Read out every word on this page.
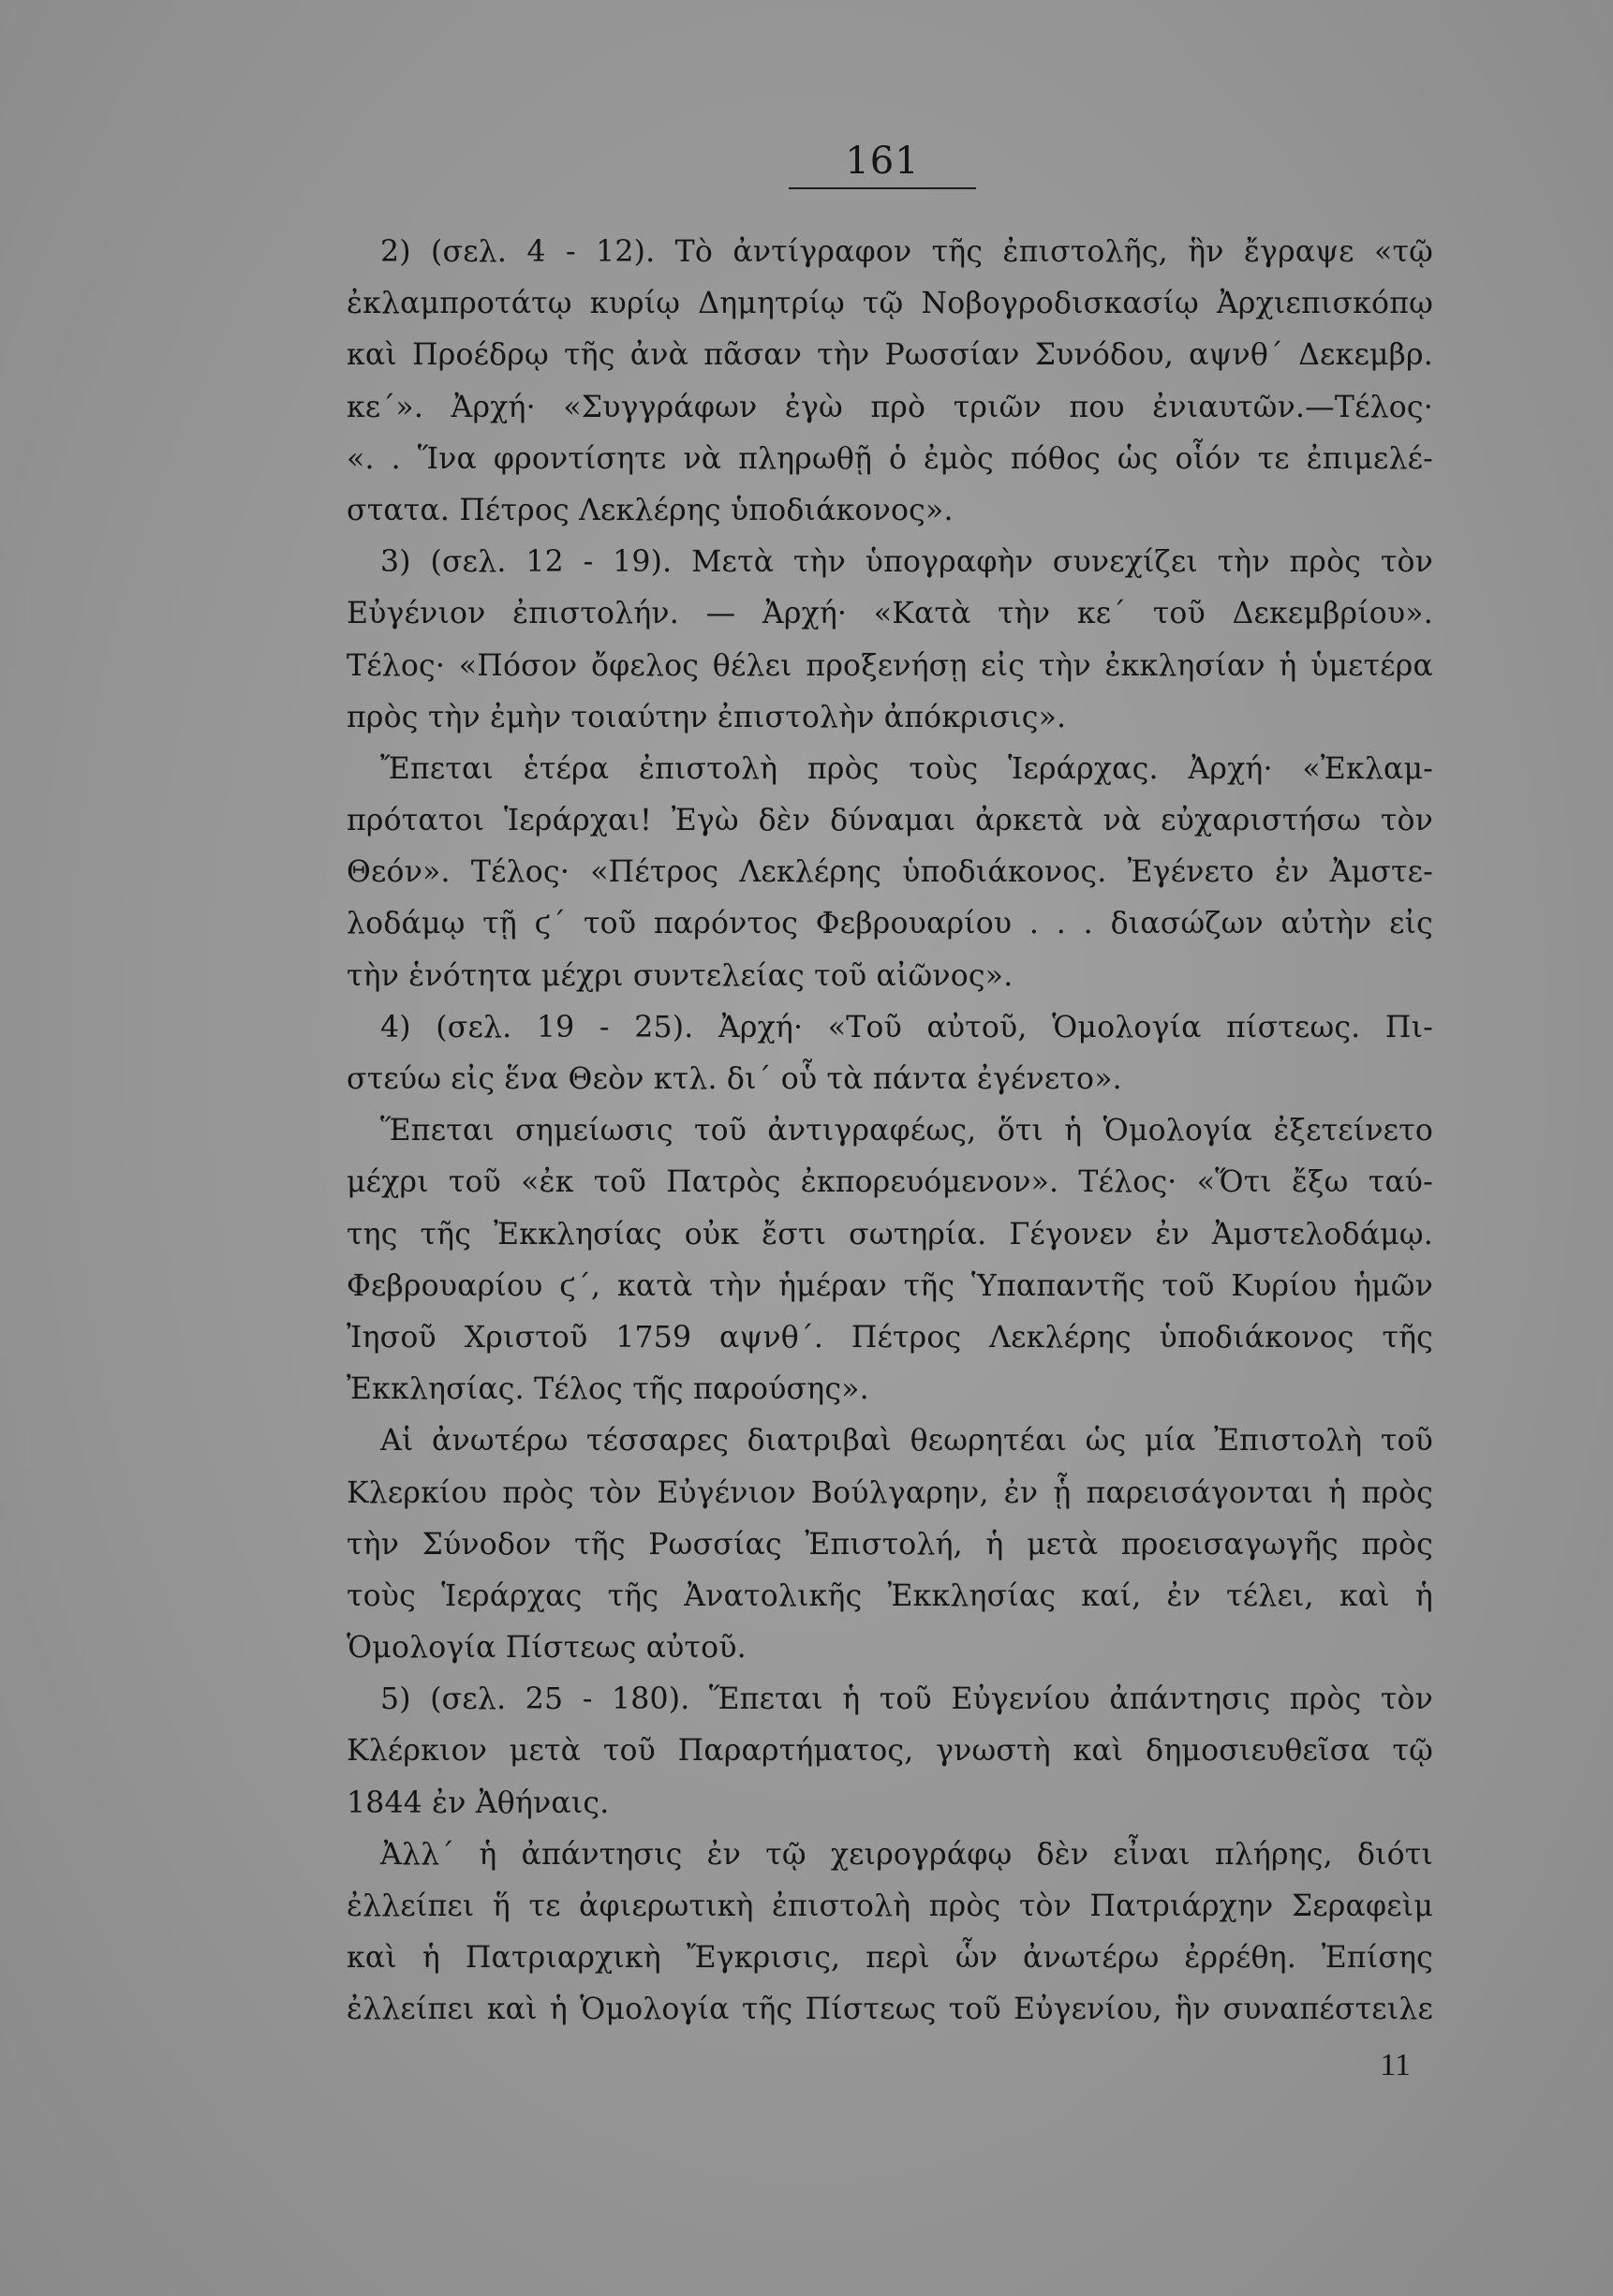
161
2) (σελ. 4 - 12). Τὸ ἀντίγραφον τῆς ἐπιστολῆς, ἣν ἔγραψε «τῷ
ἐκλαμπροτάτῳ κυρίῳ Δημητρίῳ τῷ Νοβογροδισκασίῳ Ἀρχιεπισκόπῳ
καὶ Προέδρῳ τῆς ἀνὰ πᾶσαν τὴν Ρωσσίαν Συνόδου, αψνθ΄ Δεκεμβρ.
κε΄». Ἀρχή· «Συγγράφων ἐγὼ πρὸ τριῶν που ἐνιαυτῶν.—Τέλος·
«. . Ἵνα φροντίσητε νὰ πληρωθῇ ὁ ἐμὸς πόθος ὡς οἷόν τε ἐπιμελέ-
στατα. Πέτρος Λεκλέρης ὑποδιάκονος».
3) (σελ. 12 - 19). Μετὰ τὴν ὑπογραφὴν συνεχίζει τὴν πρὸς τὸν
Εὐγένιον ἐπιστολήν. — Ἀρχή· «Κατὰ τὴν κε΄ τοῦ Δεκεμβρίου».
Τέλος· «Πόσον ὄφελος θέλει προξενήσῃ εἰς τὴν ἐκκλησίαν ἡ ὑμετέρα
πρὸς τὴν ἐμὴν τοιαύτην ἐπιστολὴν ἀπόκρισις».
Ἔπεται ἑτέρα ἐπιστολὴ πρὸς τοὺς Ἱεράρχας. Ἀρχή· «Ἐκλαμ-
πρότατοι Ἱεράρχαι! Ἐγὼ δὲν δύναμαι ἀρκετὰ νὰ εὐχαριστήσω τὸν
Θεόν». Τέλος· «Πέτρος Λεκλέρης ὑποδιάκονος. Ἐγένετο ἐν Ἀμστε-
λοδάμῳ τῇ ϛ΄ τοῦ παρόντος Φεβρουαρίου . . . διασώζων αὐτὴν εἰς
τὴν ἑνότητα μέχρι συντελείας τοῦ αἰῶνος».
4) (σελ. 19 - 25). Ἀρχή· «Τοῦ αὐτοῦ, Ὁμολογία πίστεως. Πι-
στεύω εἰς ἕνα Θεὸν κτλ. δι΄ οὗ τὰ πάντα ἐγένετο».
Ἕπεται σημείωσις τοῦ ἀντιγραφέως, ὅτι ἡ Ὁμολογία ἐξετείνετο
μέχρι τοῦ «ἐκ τοῦ Πατρὸς ἐκπορευόμενον». Τέλος· «Ὅτι ἔξω ταύ-
της τῆς Ἐκκλησίας οὐκ ἔστι σωτηρία. Γέγονεν ἐν Ἀμστελοδάμῳ.
Φεβρουαρίου ϛ΄, κατὰ τὴν ἡμέραν τῆς Ὑπαπαντῆς τοῦ Κυρίου ἡμῶν
Ἰησοῦ Χριστοῦ 1759 αψνθ΄. Πέτρος Λεκλέρης ὑποδιάκονος τῆς
Ἐκκλησίας. Τέλος τῆς παρούσης».
Αἱ ἀνωτέρω τέσσαρες διατριβαὶ θεωρητέαι ὡς μία Ἐπιστολὴ τοῦ
Κλερκίου πρὸς τὸν Εὐγένιον Βούλγαρην, ἐν ᾗ παρεισάγονται ἡ πρὸς
τὴν Σύνοδον τῆς Ρωσσίας Ἐπιστολή, ἡ μετὰ προεισαγωγῆς πρὸς
τοὺς Ἱεράρχας τῆς Ἀνατολικῆς Ἐκκλησίας καί, ἐν τέλει, καὶ ἡ
Ὁμολογία Πίστεως αὐτοῦ.
5) (σελ. 25 - 180). Ἕπεται ἡ τοῦ Εὐγενίου ἀπάντησις πρὸς τὸν
Κλέρκιον μετὰ τοῦ Παραρτήματος, γνωστὴ καὶ δημοσιευθεῖσα τῷ
1844 ἐν Ἀθήναις.
Ἀλλ΄ ἡ ἀπάντησις ἐν τῷ χειρογράφῳ δὲν εἶναι πλήρης, διότι
ἐλλείπει ἥ τε ἀφιερωτικὴ ἐπιστολὴ πρὸς τὸν Πατριάρχην Σεραφεὶμ
καὶ ἡ Πατριαρχικὴ Ἔγκρισις, περὶ ὧν ἀνωτέρω ἐρρέθη. Ἐπίσης
ἐλλείπει καὶ ἡ Ὁμολογία τῆς Πίστεως τοῦ Εὐγενίου, ἣν συναπέστειλε
11
